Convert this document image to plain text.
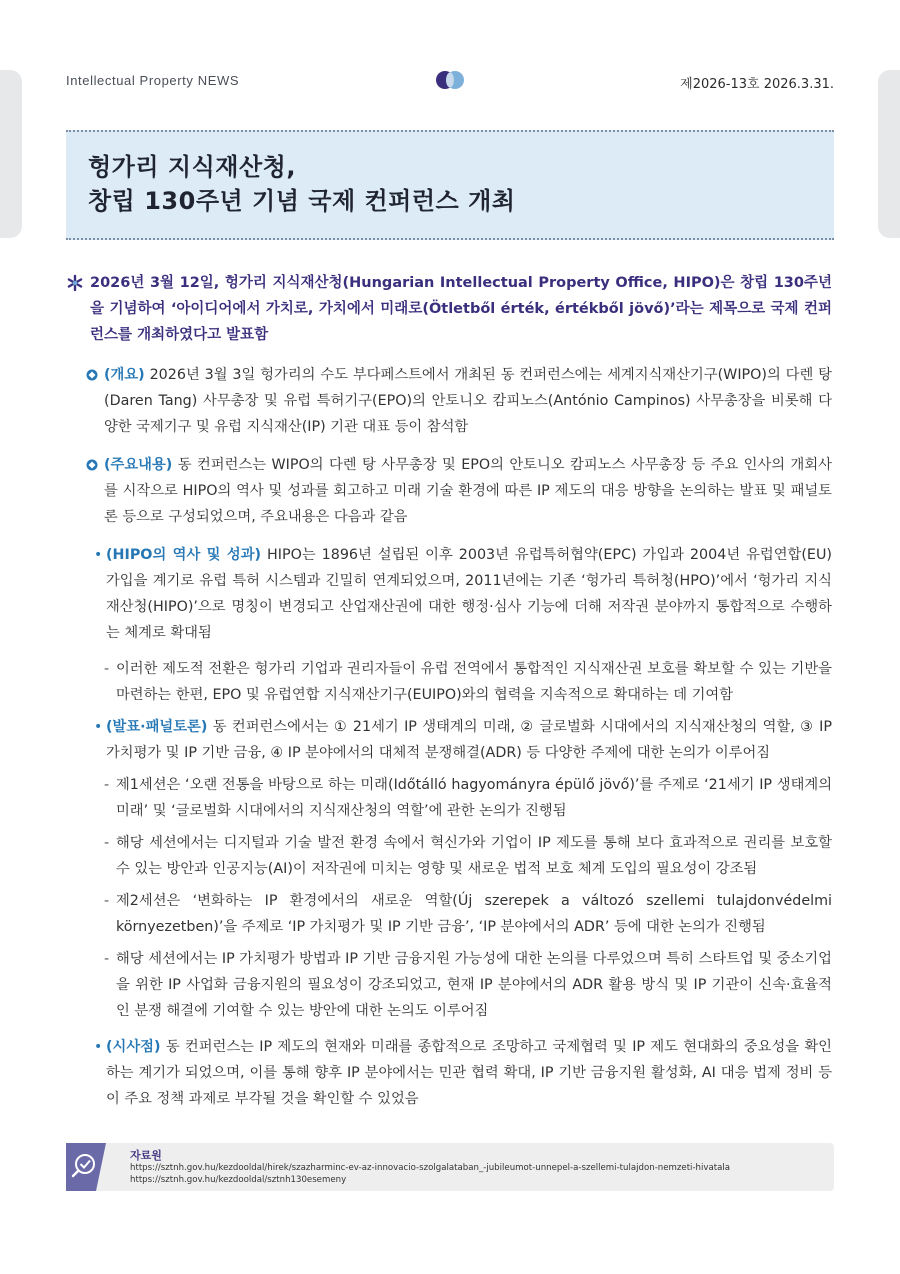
Intellectual Property NEWS	제2026-13호 2026.3.31.
헝가리 지식재산청,
창립 130주년 기념 국제 컨퍼런스 개최
2026년 3월 12일, 헝가리 지식재산청(Hungarian Intellectual Property Office, HIPO)은 창립 130주년을 기념하여 ‘아이디어에서 가치로, 가치에서 미래로(Ötletből érték, értékből jövő)’라는 제목으로 국제 컨퍼런스를 개최하였다고 발표함
(개요) 2026년 3월 3일 헝가리의 수도 부다페스트에서 개최된 동 컨퍼런스에는 세계지식재산기구(WIPO)의 다렌 탕(Daren Tang) 사무총장 및 유럽 특허기구(EPO)의 안토니오 캄피노스(António Campinos) 사무총장을 비롯해 다양한 국제기구 및 유럽 지식재산(IP) 기관 대표 등이 참석함
(주요내용) 동 컨퍼런스는 WIPO의 다렌 탕 사무총장 및 EPO의 안토니오 캄피노스 사무총장 등 주요 인사의 개회사를 시작으로 HIPO의 역사 및 성과를 회고하고 미래 기술 환경에 따른 IP 제도의 대응 방향을 논의하는 발표 및 패널토론 등으로 구성되었으며, 주요내용은 다음과 같음
• (HIPO의 역사 및 성과) HIPO는 1896년 설립된 이후 2003년 유럽특허협약(EPC) 가입과 2004년 유럽연합(EU) 가입을 계기로 유럽 특허 시스템과 긴밀히 연계되었으며, 2011년에는 기존 ‘헝가리 특허청(HPO)’에서 ‘헝가리 지식재산청(HIPO)’으로 명칭이 변경되고 산업재산권에 대한 행정·심사 기능에 더해 저작권 분야까지 통합적으로 수행하는 체계로 확대됨
- 이러한 제도적 전환은 헝가리 기업과 권리자들이 유럽 전역에서 통합적인 지식재산권 보호를 확보할 수 있는 기반을 마련하는 한편, EPO 및 유럽연합 지식재산기구(EUIPO)와의 협력을 지속적으로 확대하는 데 기여함
• (발표·패널토론) 동 컨퍼런스에서는 ① 21세기 IP 생태계의 미래, ② 글로벌화 시대에서의 지식재산청의 역할, ③ IP 가치평가 및 IP 기반 금융, ④ IP 분야에서의 대체적 분쟁해결(ADR) 등 다양한 주제에 대한 논의가 이루어짐
- 제1세션은 ‘오랜 전통을 바탕으로 하는 미래(Időtálló hagyományra épülő jövő)’를 주제로 ‘21세기 IP 생태계의 미래’ 및 ‘글로벌화 시대에서의 지식재산청의 역할’에 관한 논의가 진행됨
- 해당 세션에서는 디지털과 기술 발전 환경 속에서 혁신가와 기업이 IP 제도를 통해 보다 효과적으로 권리를 보호할 수 있는 방안과 인공지능(AI)이 저작권에 미치는 영향 및 새로운 법적 보호 체계 도입의 필요성이 강조됨
- 제2세션은 ‘변화하는 IP 환경에서의 새로운 역할(Új szerepek a változó szellemi tulajdonvédelmi környezetben)’을 주제로 ‘IP 가치평가 및 IP 기반 금융’, ‘IP 분야에서의 ADR’ 등에 대한 논의가 진행됨
- 해당 세션에서는 IP 가치평가 방법과 IP 기반 금융지원 가능성에 대한 논의를 다루었으며 특히 스타트업 및 중소기업을 위한 IP 사업화 금융지원의 필요성이 강조되었고, 현재 IP 분야에서의 ADR 활용 방식 및 IP 기관이 신속·효율적인 분쟁 해결에 기여할 수 있는 방안에 대한 논의도 이루어짐
• (시사점) 동 컨퍼런스는 IP 제도의 현재와 미래를 종합적으로 조망하고 국제협력 및 IP 제도 현대화의 중요성을 확인하는 계기가 되었으며, 이를 통해 향후 IP 분야에서는 민관 협력 확대, IP 기반 금융지원 활성화, AI 대응 법제 정비 등이 주요 정책 과제로 부각될 것을 확인할 수 있었음
자료원
https://sztnh.gov.hu/kezdooldal/hirek/szazharminc-ev-az-innovacio-szolgalataban_-jubileumot-unnepel-a-szellemi-tulajdon-nemzeti-hivatala
https://sztnh.gov.hu/kezdooldal/sztnh130esemeny
